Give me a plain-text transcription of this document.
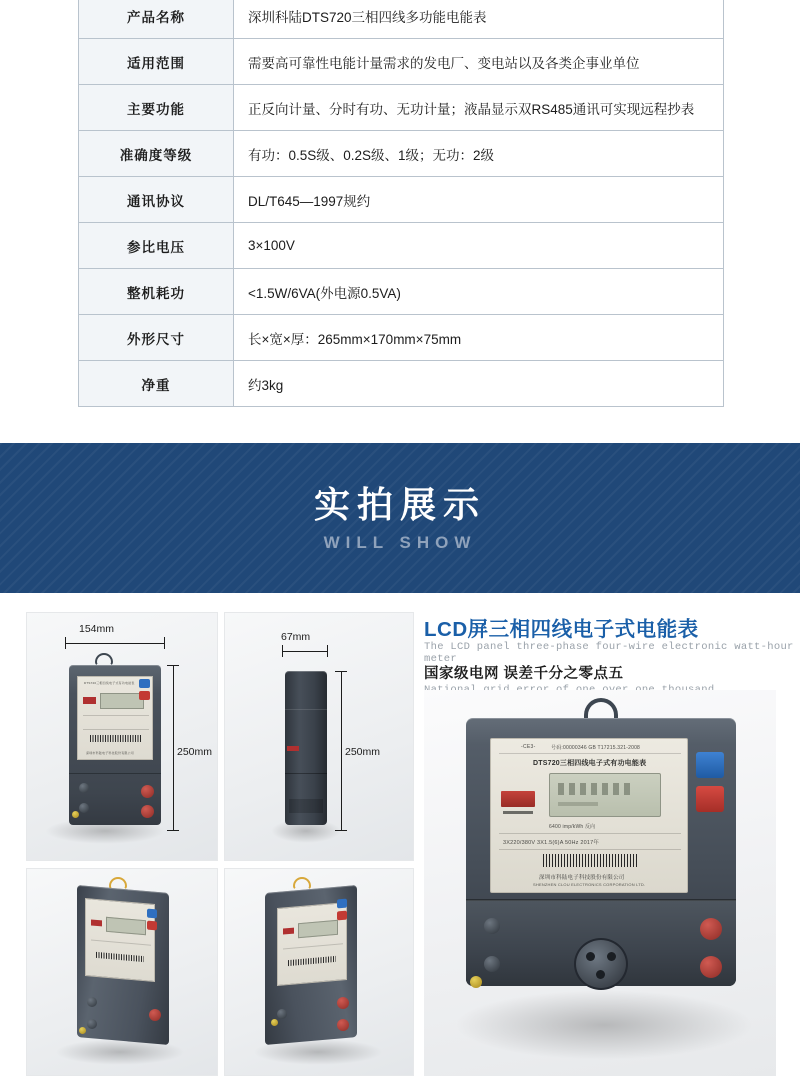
产品名称	深圳科陆DTS720三相四线多功能电能表
适用范围	需要高可靠性电能计量需求的发电厂、变电站以及各类企事业单位
主要功能	正反向计量、分时有功、无功计量；液晶显示双RS485通讯可实现远程抄表
准确度等级	有功：0.5S级、0.2S级、1级；无功：2级
通讯协议	DL/T645—1997规约
参比电压	3×100V
整机耗功	<1.5W/6VA(外电源0.5VA)
外形尺寸	长×宽×厚：265mm×170mm×75mm
净重	约3kg
实拍展示
WILL SHOW
154mm
250mm
DTS720三相四线电子式有功电能表
深圳市科陆电子科技股份有限公司
67mm
250mm
LCD屏三相四线电子式电能表
The LCD panel three-phase four-wire electronic watt-hour meter
国家级电网 误差千分之零点五
-CE3-	号码:00000346 GB T17215.321-2008
DTS720三相四线电子式有功电能表
6400 imp/kWh 反向
3X220/380V 3X1.5(6)A 50Hz 2017年
深圳市科陆电子科技股份有限公司
SHENZHEN CLOU ELECTRONICS CORPORATION LTD.
